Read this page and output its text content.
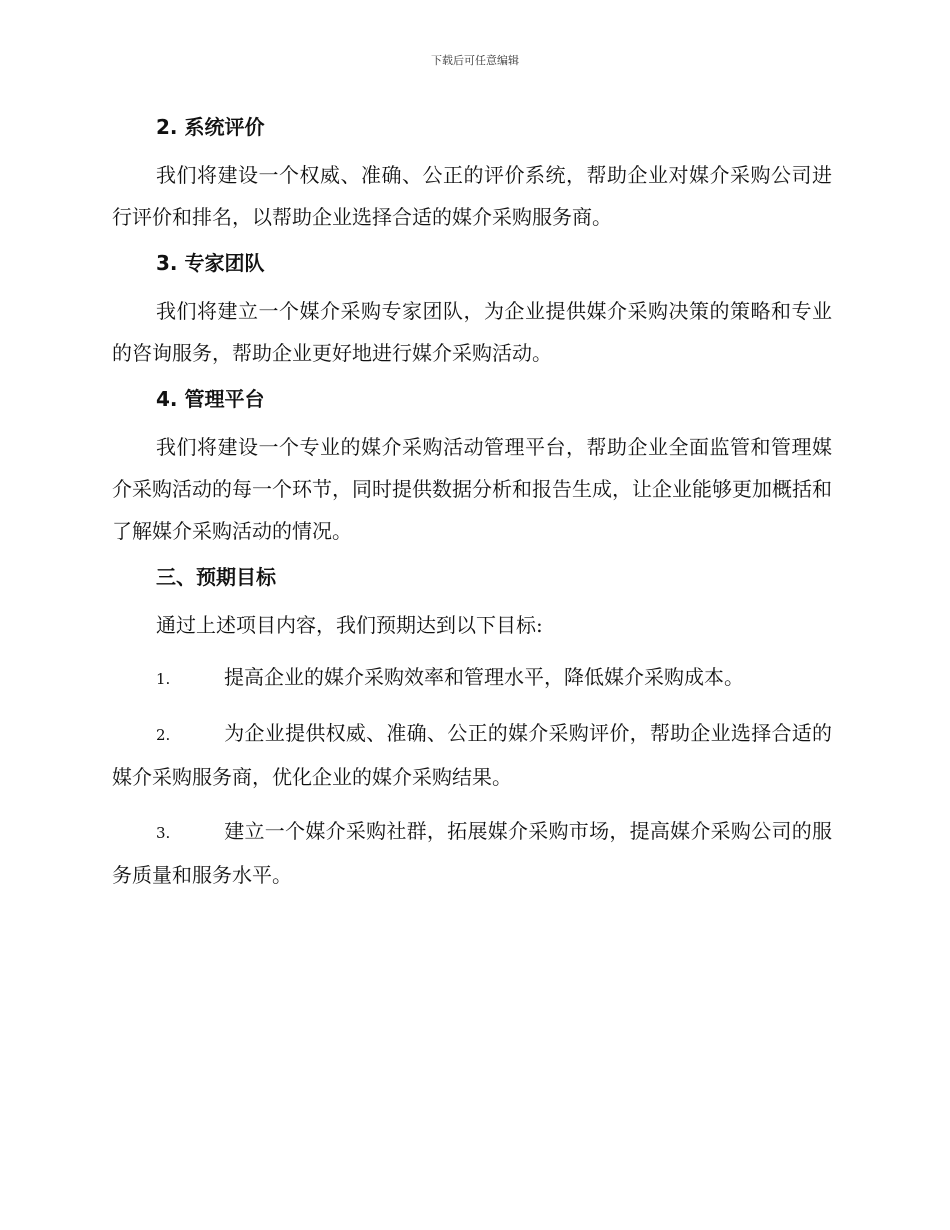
下载后可任意编辑
2. 系统评价

我们将建设一个权威、准确、公正的评价系统，帮助企业对媒介采购公司进行评价和排名，以帮助企业选择合适的媒介采购服务商。

3. 专家团队

我们将建立一个媒介采购专家团队，为企业提供媒介采购决策的策略和专业的咨询服务，帮助企业更好地进行媒介采购活动。

4. 管理平台

我们将建设一个专业的媒介采购活动管理平台，帮助企业全面监管和管理媒介采购活动的每一个环节，同时提供数据分析和报告生成，让企业能够更加概括和了解媒介采购活动的情况。

三、预期目标

通过上述项目内容，我们预期达到以下目标:

1.	提高企业的媒介采购效率和管理水平，降低媒介采购成本。

2.	为企业提供权威、准确、公正的媒介采购评价，帮助企业选择合适的媒介采购服务商，优化企业的媒介采购结果。

3.	建立一个媒介采购社群，拓展媒介采购市场，提高媒介采购公司的服务质量和服务水平。
